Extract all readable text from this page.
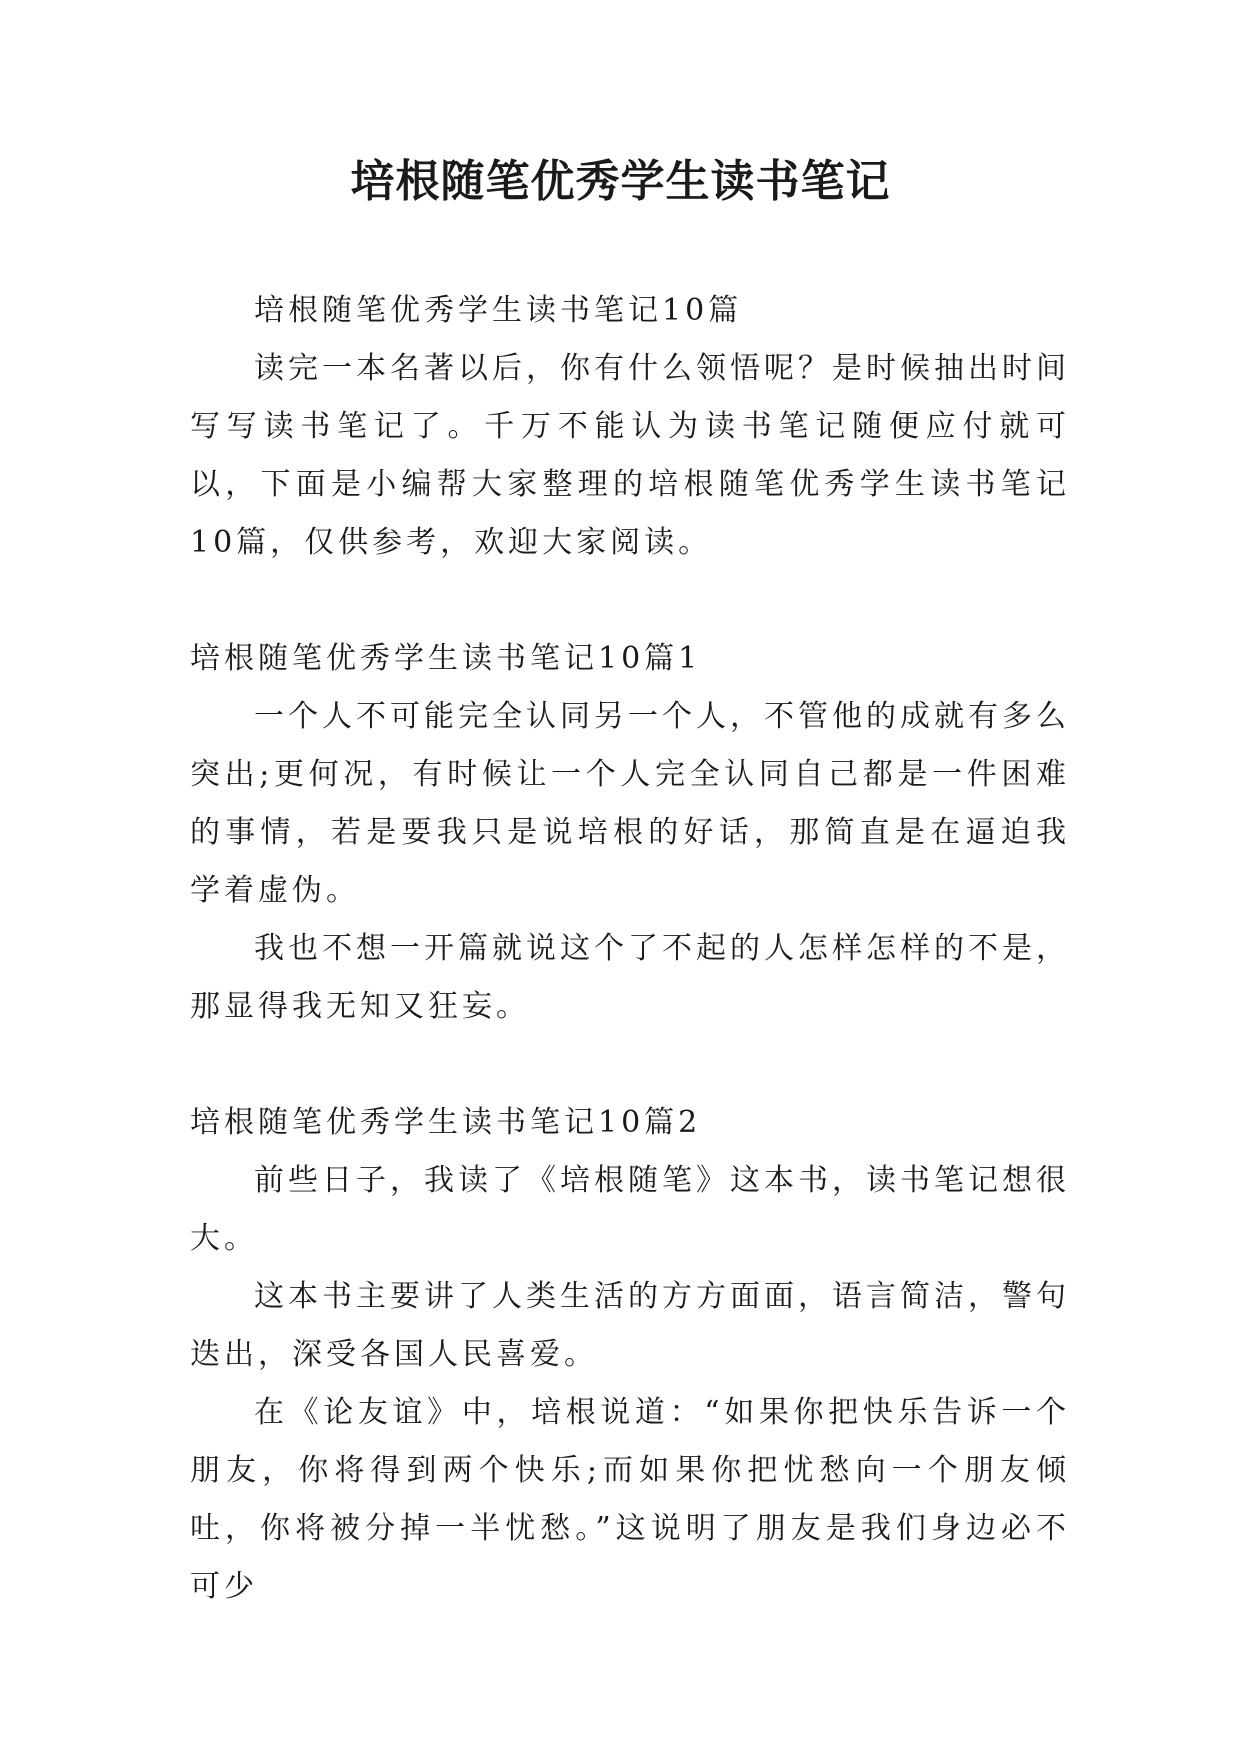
培根随笔优秀学生读书笔记

培根随笔优秀学生读书笔记10篇

读完一本名著以后，你有什么领悟呢？是时候抽出时间写写读书笔记了。千万不能认为读书笔记随便应付就可以，下面是小编帮大家整理的培根随笔优秀学生读书笔记10篇，仅供参考，欢迎大家阅读。

培根随笔优秀学生读书笔记10篇1

一个人不可能完全认同另一个人，不管他的成就有多么突出;更何况，有时候让一个人完全认同自己都是一件困难的事情，若是要我只是说培根的好话，那简直是在逼迫我学着虚伪。

我也不想一开篇就说这个了不起的人怎样怎样的不是，那显得我无知又狂妄。

培根随笔优秀学生读书笔记10篇2

前些日子，我读了《培根随笔》这本书，读书笔记想很大。

这本书主要讲了人类生活的方方面面，语言简洁，警句迭出，深受各国人民喜爱。

在《论友谊》中，培根说道：“如果你把快乐告诉一个朋友，你将得到两个快乐;而如果你把忧愁向一个朋友倾吐，你将被分掉一半忧愁。”这说明了朋友是我们身边必不可少
